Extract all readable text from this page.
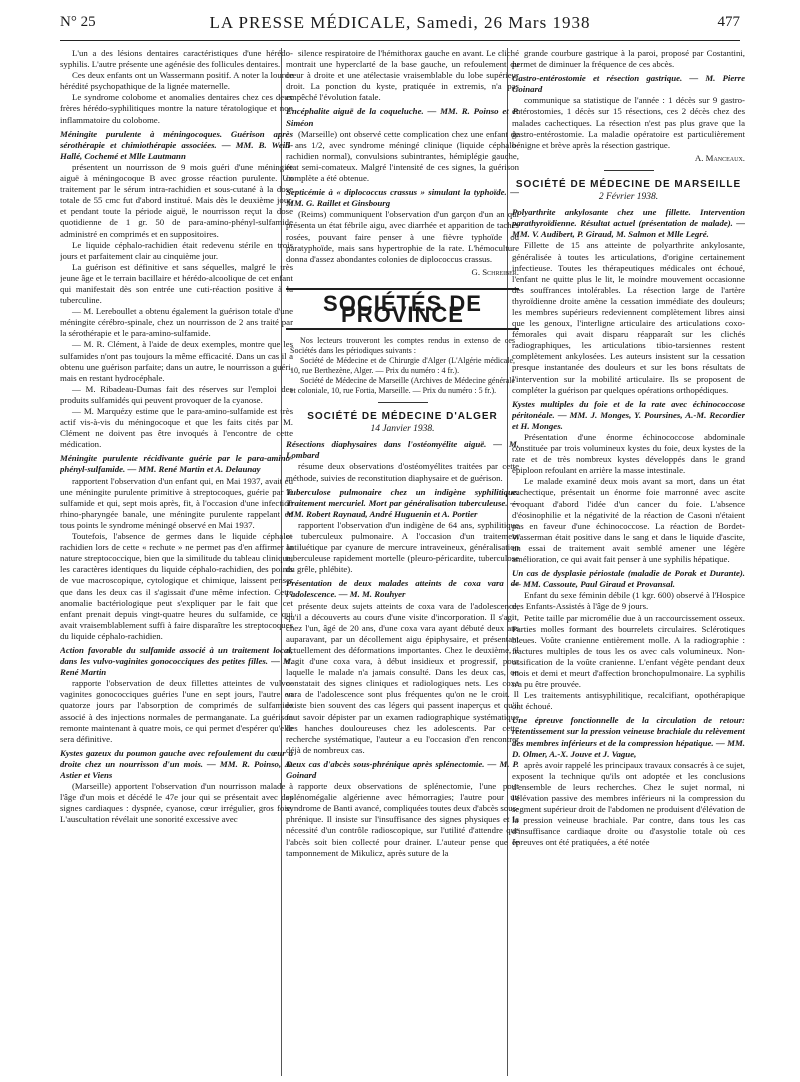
N° 25	LA PRESSE MÉDICALE, Samedi, 26 Mars 1938	477

L'un a des lésions dentaires caractéristiques d'une hérédo-syphilis. L'autre présente une agénésie des follicules dentaires.

Ces deux enfants ont un Wassermann positif. A noter la lourde hérédité psychopathique de la lignée maternelle.

Le syndrome colobome et anomalies dentaires chez ces deux frères hérédo-syphilitiques montre la nature tératologique et non inflammatoire du colobome.

Méningite purulente à méningocoques. Guérison après sérothérapie et chimiothérapie associées. — MM. B. Weill-Hallé, Cochemé et Mlle Lautmann

présentent un nourrisson de 9 mois guéri d'une méningite aiguë à méningocoque B avec grosse réaction purulente. Un traitement par le sérum intra-rachidien et sous-cutané à la dose totale de 55 cmc fut d'abord institué. Mais dès le deuxième jour, et pendant toute la période aiguë, le nourrisson reçut la dose quotidienne de 1 gr. 50 de para-amino-phényl-sulfamide administré en comprimés et en suppositoires.

Le liquide céphalo-rachidien était redevenu stérile en trois jours et parfaitement clair au cinquième jour.

La guérison est définitive et sans séquelles, malgré le très jeune âge et le terrain bacillaire et hérédo-alcoolique de cet enfant qui manifestait dès son entrée une cuti-réaction positive à la tuberculine.

— M. Lereboullet a obtenu également la guérison totale d'une méningite cérébro-spinale, chez un nourrisson de 2 ans traité par la sérothérapie et le para-amino-sulfamide.

— M. R. Clément, à l'aide de deux exemples, montre que les sulfamides n'ont pas toujours la même efficacité. Dans un cas il a obtenu une guérison parfaite; dans un autre, le nourrisson a guéri, mais en restant hydrocéphale.

— M. Ribadeau-Dumas fait des réserves sur l'emploi des produits sulfamidés qui peuvent provoquer de la cyanose.

— M. Marquézy estime que le para-amino-sulfamide est très actif vis-à-vis du méningocoque et que les faits cités par M. Clément ne doivent pas être invoqués à l'encontre de cette médication.

Méningite purulente récidivante guérie par le para-amino-phényl-sulfamide. — MM. René Martin et A. Delaunay

rapportent l'observation d'un enfant qui, en Mai 1937, avait eu une méningite purulente primitive à streptocoques, guérie par le sulfamide et qui, sept mois après, fit, à l'occasion d'une infection rhino-pharyngée banale, une méningite purulente rappelant en tous points le syndrome méningé observé en Mai 1937.

Toutefois, l'absence de germes dans le liquide céphalo-rachidien lors de cette « rechute » ne permet pas d'en affirmer la nature streptococcique, bien que la similitude du tableau clinique, les caractères identiques du liquide céphalo-rachidien, des points de vue macroscopique, cytologique et chimique, laissent penser que dans les deux cas il s'agissait d'une même infection. Cette anomalie bactériologique peut s'expliquer par le fait que cet enfant prenait depuis vingt-quatre heures du sulfamide, ce qui avait vraisemblablement suffi à faire disparaître les streptocoques du liquide céphalo-rachidien.

Action favorable du sulfamide associé à un traitement local, dans les vulvo-vaginites gonococciques des petites filles. — M. René Martin

rapporte l'observation de deux fillettes atteintes de vulvo-vaginites gonococciques guéries l'une en sept jours, l'autre en quatorze jours par l'absorption de comprimés de sulfamide associé à des injections normales de permanganate. La guérison remonte maintenant à quatre mois, ce qui permet d'espérer qu'elle sera définitive.

Kystes gazeux du poumon gauche avec refoulement du cœur à droite chez un nourrisson d'un mois. — MM. R. Poinso, A. Astier et Viens

(Marseille) apportent l'observation d'un nourrisson malade à l'âge d'un mois et décédé le 47e jour qui se présentait avec des signes cardiaques : dyspnée, cyanose, cœur irrégulier, gros foie. L'auscultation révélait une sonorité excessive avec

silence respiratoire de l'hémithorax gauche en avant. Le cliché montrait une hyperclarté de la base gauche, un refoulement du cœur à droite et une atélectasie vraisemblable du lobe supérieur droit. La ponction du kyste, pratiquée in extremis, n'a pas empêché l'évolution fatale.

Encéphalite aiguë de la coqueluche. — MM. R. Poinso et P. Siméon

(Marseille) ont observé cette complication chez une enfant de 5 ans 1/2, avec syndrome méningé clinique (liquide céphalo-rachidien normal), convulsions subintrantes, hémiplégie gauche, état semi-comateux. Malgré l'intensité de ces signes, la guérison complète a été obtenue.

Septicémie à « diplococcus crassus » simulant la typhoïde. — MM. G. Raillet et Ginsbourg

(Reims) communiquent l'observation d'un garçon d'un an qui présenta un état fébrile aigu, avec diarrhée et apparition de taches rosées, pouvant faire penser à une fièvre typhoïde ou paratyphoïde, mais sans hypertrophie de la rate. L'hémoculture donna d'assez abondantes colonies de diplococcus crassus.

G. Schreiber.

SOCIÉTÉS DE PROVINCE

Nos lecteurs trouveront les comptes rendus in extenso de ces Sociétés dans les périodiques suivants :

Société de Médecine et de Chirurgie d'Alger (L'Algérie médicale, 10, rue Berthezène, Alger. — Prix du numéro : 4 fr.).

Société de Médecine de Marseille (Archives de Médecine générale et coloniale, 10, rue Fortia, Marseille. — Prix du numéro : 5 fr.).

SOCIÉTÉ DE MÉDECINE D'ALGER
14 Janvier 1938.

Résections diaphysaires dans l'ostéomyélite aiguë. — M. Lombard

résume deux observations d'ostéomyélites traitées par cette méthode, suivies de reconstitution diaphysaire et de guérison.

Tuberculose pulmonaire chez un indigène syphilitique. Traitement mercuriel. Mort par généralisation tuberculeuse. — MM. Robert Raynaud, André Huguenin et A. Portier

rapportent l'observation d'un indigène de 64 ans, syphilitique et tuberculeux pulmonaire. A l'occasion d'un traitement antiluétique par cyanure de mercure intraveineux, généralisation tuberculeuse rapidement mortelle (pleuro-péricardite, tuberculose du grêle, phlébite).

Présentation de deux malades atteints de coxa vara de l'adolescence. — M. M. Rouhyer

présente deux sujets atteints de coxa vara de l'adolescence, qu'il a découverts au cours d'une visite d'incorporation. Il s'agit, chez l'un, âgé de 20 ans, d'une coxa vara ayant débuté deux ans auparavant, par un décollement aigu épiphysaire, et présentant actuellement des déformations importantes. Chez le deuxième, il s'agit d'une coxa vara, à début insidieux et progressif, pour laquelle le malade n'a jamais consulté. Dans les deux cas, on constatait des signes cliniques et radiologiques nets. Les coxa vara de l'adolescence sont plus fréquentes qu'on ne le croit. Il existe bien souvent des cas légers qui passent inaperçus et qu'il faut savoir dépister par un examen radiographique systématique des hanches douloureuses chez les adolescents. Par cette recherche systématique, l'auteur a eu l'occasion d'en rencontrer déjà de nombreux cas.

Deux cas d'abcès sous-phrénique après splénectomie. — M. P. Goinard

rapporte deux observations de splénectomie, l'une pour splénomégalie algérienne avec hémorragies; l'autre pour un syndrome de Banti avancé, compliquées toutes deux d'abcès sous-phrénique. Il insiste sur l'insuffisance des signes physiques et la nécessité d'un contrôle radioscopique, sur l'utilité d'attendre que l'abcès soit bien collecté pour drainer. L'auteur pense que le tamponnement de Mikulicz, après suture de la

grande courbure gastrique à la paroi, proposé par Costantini, permet de diminuer la fréquence de ces abcès.

Gastro-entérostomie et résection gastrique. — M. Pierre Goinard

communique sa statistique de l'année : 1 décès sur 9 gastro-entérostomies, 1 décès sur 15 résections, ces 2 décès chez des malades cachectiques. La résection n'est pas plus grave que la gastro-entérostomie. La maladie opératoire est particulièrement bénigne et brève après la résection gastrique.

A. Manceaux.

SOCIÉTÉ DE MÉDECINE DE MARSEILLE
2 Février 1938.

Polyarthrite ankylosante chez une fillette. Intervention parathyroïdienne. Résultat actuel (présentation de malade). — MM. V. Audibert, P. Giraud, M. Salmon et Mlle Legré.

Fillette de 15 ans atteinte de polyarthrite ankylosante, généralisée à toutes les articulations, d'origine certainement infectieuse. Toutes les thérapeutiques médicales ont échoué, l'enfant ne quitte plus le lit, le moindre mouvement occasionne des souffrances intolérables. La résection large de l'artère thyroïdienne droite amène la cessation immédiate des douleurs; les membres supérieurs redeviennent complètement libres ainsi que les genoux, l'interligne articulaire des articulations coxo-fémorales qui avait disparu réapparaît sur les clichés radiographiques, les articulations tibio-tarsiennes restent complètement ankylosées. Les auteurs insistent sur la cessation presque instantanée des douleurs et sur les bons résultats de l'intervention sur la mobilité articulaire. Ils se proposent de compléter la guérison par quelques opérations orthopédiques.

Kystes multiples du foie et de la rate avec échinococcose péritonéale. — MM. J. Monges, Y. Poursines, A.-M. Recordier et H. Monges.

Présentation d'une énorme échinococcose abdominale constituée par trois volumineux kystes du foie, deux kystes de la rate et de très nombreux kystes développés dans le grand épiploon refoulant en arrière la masse intestinale.

Le malade examiné deux mois avant sa mort, dans un état cachectique, présentait un énorme foie marronné avec ascite évoquant d'abord l'idée d'un cancer du foie. L'absence d'éosinophilie et la négativité de la réaction de Casoni n'étaient pas en faveur d'une échinococcose. La réaction de Bordet-Wasserman était positive dans le sang et dans le liquide d'ascite, un essai de traitement avait semblé amener une légère amélioration, ce qui avait fait penser à une syphilis hépatique.

Un cas de dysplasie périostale (maladie de Porak et Durante). — MM. Cassoute, Paul Giraud et Provansal.

Enfant du sexe féminin débile (1 kgr. 600) observé à l'Hospice des Enfants-Assistés à l'âge de 9 jours.

Petite taille par micromélie due à un raccourcissement osseux. Parties molles formant des bourrelets circulaires. Sclérotiques bleues. Voûte cranienne entièrement molle. A la radiographie : fractures multiples de tous les os avec cals volumineux. Non-ossification de la voûte cranienne. L'enfant végète pendant deux mois et demi et meurt d'affection bronchopulmonaire. La syphilis n'a pu être prouvée.

Les traitements antisyphilitique, recalcifiant, opothérapique ont échoué.

Une épreuve fonctionnelle de la circulation de retour: retentissement sur la pression veineuse brachiale du relèvement des membres inférieurs et de la compression hépatique. — MM. D. Olmer, A.-X. Jouve et J. Vague,

après avoir rappelé les principaux travaux consacrés à ce sujet, exposent la technique qu'ils ont adoptée et les conclusions d'ensemble de leurs recherches. Chez le sujet normal, ni l'élévation passive des membres inférieurs ni la compression du segment supérieur droit de l'abdomen ne produisent d'élévation de la pression veineuse brachiale. Par contre, dans tous les cas d'insuffisance cardiaque droite ou d'asystolie totale où ces épreuves ont été pratiquées, a été notée
